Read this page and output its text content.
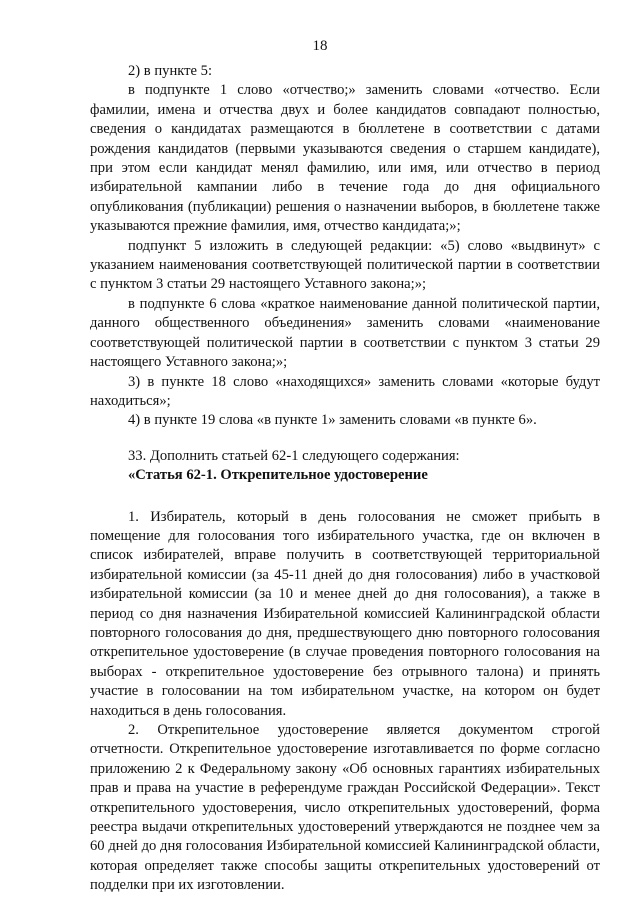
18

2) в пункте 5:

в подпункте 1 слово «отчество;» заменить словами «отчество. Если фамилии, имена и отчества двух и более кандидатов совпадают полностью, сведения о кандидатах размещаются в бюллетене в соответствии с датами рождения кандидатов (первыми указываются сведения о старшем кандидате), при этом если кандидат менял фамилию, или имя, или отчество в период избирательной кампании либо в течение года до дня официального опубликования (публикации) решения о назначении выборов, в бюллетене также указываются прежние фамилия, имя, отчество кандидата;»;

подпункт 5 изложить в следующей редакции: «5) слово «выдвинут» с указанием наименования соответствующей политической партии в соответствии с пунктом 3 статьи 29 настоящего Уставного закона;»;

в подпункте 6 слова «краткое наименование данной политической партии, данного общественного объединения» заменить словами «наименование соответствующей политической партии в соответствии с пунктом 3 статьи 29 настоящего Уставного закона;»;

3) в пункте 18 слово «находящихся» заменить словами «которые будут находиться»;

4) в пункте 19 слова «в пункте 1» заменить словами «в пункте 6».

33. Дополнить статьей 62-1 следующего содержания:

«Статья 62-1. Открепительное удостоверение

1. Избиратель, который в день голосования не сможет прибыть в помещение для голосования того избирательного участка, где он включен в список избирателей, вправе получить в соответствующей территориальной избирательной комиссии (за 45-11 дней до дня голосования) либо в участковой избирательной комиссии (за 10 и менее дней до дня голосования), а также в период со дня назначения Избирательной комиссией Калининградской области повторного голосования до дня, предшествующего дню повторного голосования открепительное удостоверение (в случае проведения повторного голосования на выборах - открепительное удостоверение без отрывного талона) и принять участие в голосовании на том избирательном участке, на котором он будет находиться в день голосования.

2. Открепительное удостоверение является документом строгой отчетности. Открепительное удостоверение изготавливается по форме согласно приложению 2 к Федеральному закону «Об основных гарантиях избирательных прав и права на участие в референдуме граждан Российской Федерации». Текст открепительного удостоверения, число открепительных удостоверений, форма реестра выдачи открепительных удостоверений утверждаются не позднее чем за 60 дней до дня голосования Избирательной комиссией Калининградской области, которая определяет также способы защиты открепительных удостоверений от подделки при их изготовлении.
